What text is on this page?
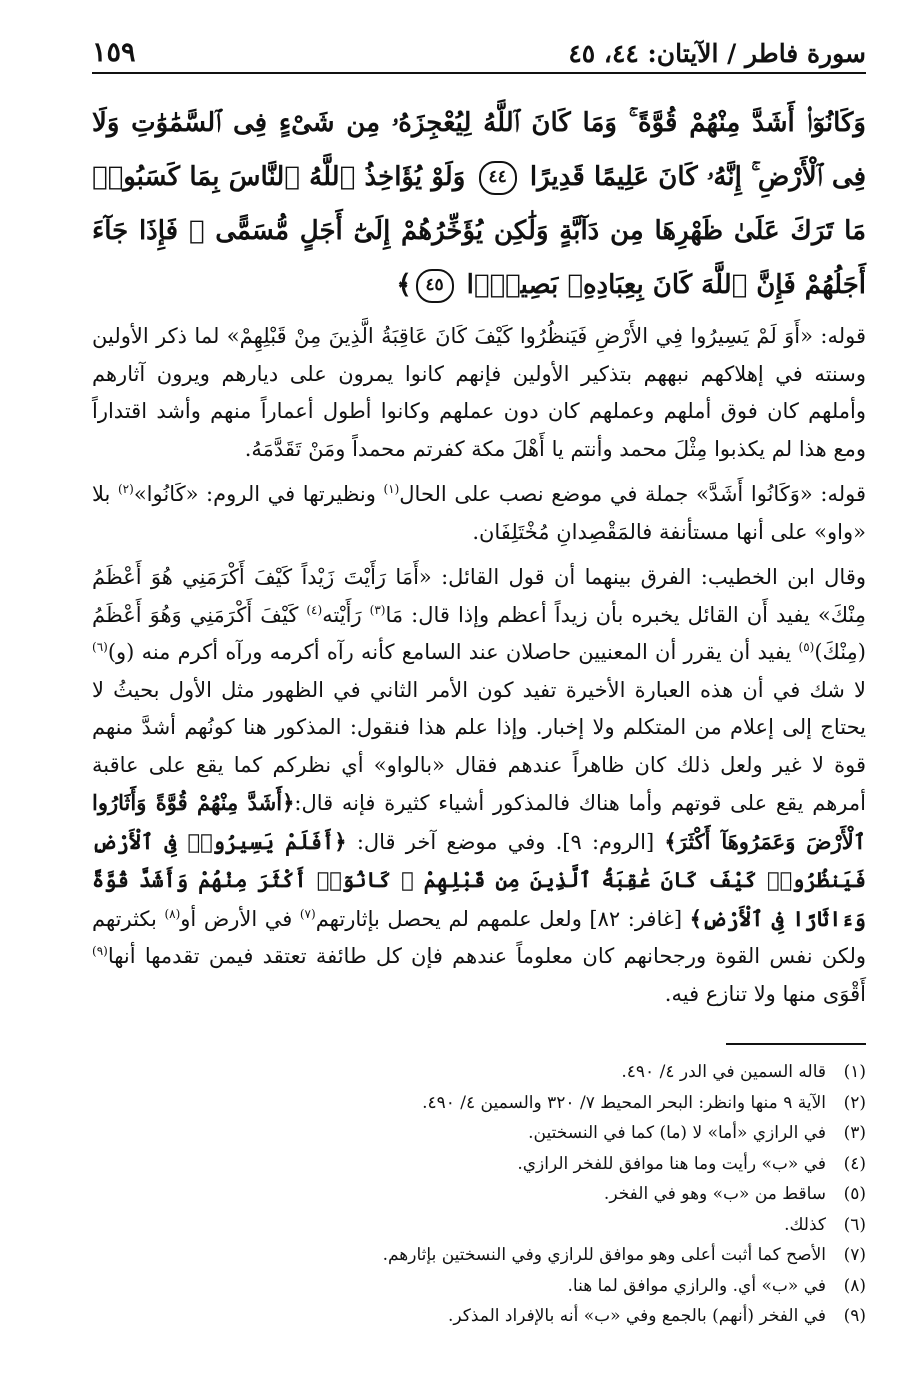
سورة فاطر / الآيتان: ٤٤، ٤٥
١٥٩
وَكَانُوٓا۟ أَشَدَّ مِنْهُمْ قُوَّةً ۚ وَمَا كَانَ ٱللَّهُ لِيُعْجِزَهُۥ مِن شَىْءٍ فِى ٱلسَّمَٰوَٰتِ وَلَا فِى ٱلْأَرْضِ ۚ إِنَّهُۥ كَانَ عَلِيمًا قَدِيرًا ٤٤ وَلَوْ يُؤَاخِذُ ٱللَّهُ ٱلنَّاسَ بِمَا كَسَبُوا۟ مَا تَرَكَ عَلَىٰ ظَهْرِهَا مِن دَآبَّةٍ وَلَٰكِن يُؤَخِّرُهُمْ إِلَىٰٓ أَجَلٍ مُّسَمًّى ۖ فَإِذَا جَآءَ أَجَلُهُمْ فَإِنَّ ٱللَّهَ كَانَ بِعِبَادِهِۦ بَصِيرًۢا ٤٥﴾

قوله: «أَوَ لَمْ يَسِيرُوا فِي الأَرْضِ فَيَنظُرُوا كَيْفَ كَانَ عَاقِبَةُ الَّذِينَ مِنْ قَبْلِهِمْ» لما ذكر الأولين وسنته في إهلاكهم نبههم بتذكير الأولين فإنهم كانوا يمرون على ديارهم ويرون آثارهم وأملهم كان فوق أملهم وعملهم كان دون عملهم وكانوا أطول أعماراً منهم وأشد اقتداراً ومع هذا لم يكذبوا مِثْلَ محمد وأنتم يا أَهْلَ مكة كفرتم محمداً ومَنْ تَقَدَّمَهُ.

قوله: «وَكَانُوا أَشَدَّ» جملة في موضع نصب على الحال$^{(١)}$ ونظيرتها في الروم: «كَانُوا»$^{(٢)}$ بلا «واو» على أنها مستأنفة فالمَقْصِدانِ مُخْتَلِفَان.

وقال ابن الخطيب: الفرق بينهما أن قول القائل: «أَمَا رَأَيْتَ زَيْداً كَيْفَ أَكْرَمَنِي هُوَ أَعْظَمُ مِنْكَ» يفيد أَن القائل يخبره بأن زيداً أعظم وإذا قال: مَا$^{(٣)}$ رَأَيْته$^{(٤)}$ كَيْفَ أَكْرَمَنِي وَهُوَ أَعْظَمُ (مِنْكَ)$^{(٥)}$ يفيد أن يقرر أن المعنيين حاصلان عند السامع كأنه رآه أكرمه ورآه أكرم منه (و)$^{(٦)}$ لا شك في أن هذه العبارة الأخيرة تفيد كون الأمر الثاني في الظهور مثل الأول بحيثُ لا يحتاج إلى إعلام من المتكلم ولا إخبار. وإذا علم هذا فنقول: المذكور هنا كونُهم أشدَّ منهم قوة لا غير ولعل ذلك كان ظاهراً عندهم فقال «بالواو» أي نظركم كما يقع على عاقبة أمرهم يقع على قوتهم وأما هناك فالمذكور أشياء كثيرة فإنه قال:﴿أَشَدَّ مِنْهُمْ قُوَّةً وَأَثَارُوا ٱلْأَرْضَ وَعَمَرُوهَآ أَكْثَرَ﴾ [الروم: ٩]. وفي موضع آخر قال: ﴿أَفَلَمْ يَسِيرُوا۟ فِى ٱلْأَرْضِ فَيَنظُرُوا۟ كَيْفَ كَانَ عَٰقِبَةُ ٱلَّذِينَ مِن قَبْلِهِمْ ۚ كَانُوٓا۟ أَكْثَرَ مِنْهُمْ وَأَشَدَّ قُوَّةً وَءَاثَارًا فِى ٱلْأَرْضِ﴾ [غافر: ٨٢] ولعل علمهم لم يحصل بإثارتهم$^{(٧)}$ في الأرض أو$^{(٨)}$ بكثرتهم ولكن نفس القوة ورجحانهم كان معلوماً عندهم فإن كل طائفة تعتقد فيمن تقدمها أنها$^{(٩)}$ أَقْوَى منها ولا تنازع فيه.

(١)
قاله السمين في الدر ٤/ ٤٩٠.
(٢)
الآية ٩ منها وانظر: البحر المحيط ٧/ ٣٢٠ والسمين ٤/ ٤٩٠.
(٣)
في الرازي «أما» لا (ما) كما في النسختين.
(٤)
في «ب» رأيت وما هنا موافق للفخر الرازي.
(٥)
ساقط من «ب» وهو في الفخر.
(٦)
كذلك.
(٧)
الأصح كما أثبت أعلى وهو موافق للرازي وفي النسختين بإثارهم.
(٨)
في «ب» أي. والرازي موافق لما هنا.
(٩)
في الفخر (أنهم) بالجمع وفي «ب» أنه بالإفراد المذكر.
